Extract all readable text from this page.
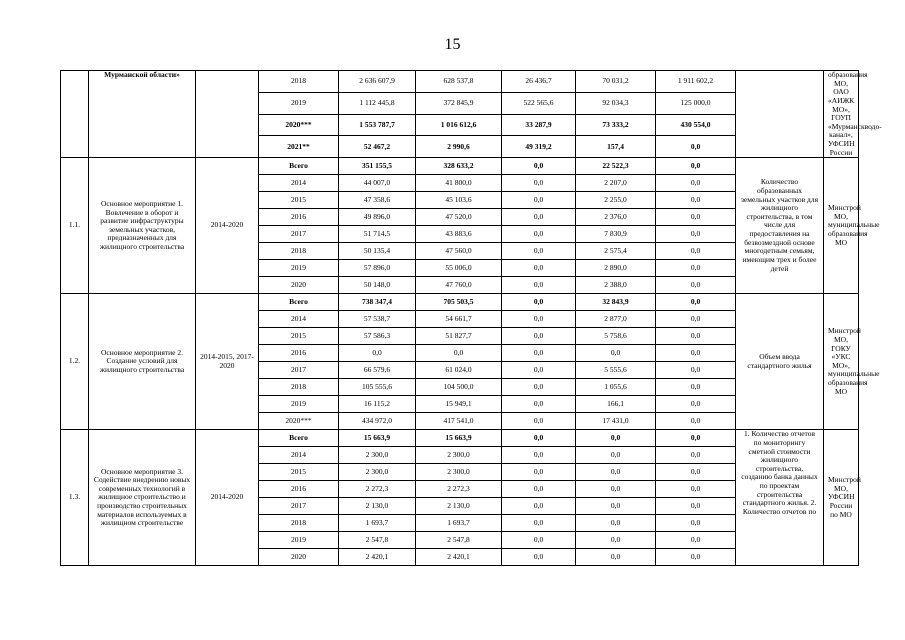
15
	Мурманской области»		2018	2 636 607,9	628 537,8	26 436,7	70 031,2	1 911 602,2		образования МО, ОАО «АИЖК МО», ГОУП «Мурманскводо-канал», УФСИН России
			2019	1 112 445,8	372 845,9	522 565,6	92 034,3	125 000,0		
			2020***	1 553 787,7	1 016 612,6	33 287,9	73 333,2	430 554,0		
			2021**	52 467,2	2 990,6	49 319,2	157,4	0,0		
1.1.	Основное мероприятие 1. Вовлечение в оборот и развитие инфраструктуры земельных участков, предназначенных для жилищного строительства	2014-2020	Всего	351 155,5	328 633,2	0,0	22 522,3	0,0	Количество образованных земельных участков для жилищного строительства, в том числе для предоставления на безвозмездной основе многодетным семьям, имеющим трех и более детей	Минстрой МО, муниципальные образования МО
			2014	44 007,0	41 800,0	0,0	2 207,0	0,0		
			2015	47 358,6	45 103,6	0,0	2 255,0	0,0		
			2016	49 896,0	47 520,0	0,0	2 376,0	0,0		
			2017	51 714,5	43 883,6	0,0	7 830,9	0,0		
			2018	50 135,4	47 560,0	0,0	2 575,4	0,0		
			2019	57 896,0	55 006,0	0,0	2 890,0	0,0		
			2020	50 148,0	47 760,0	0,0	2 388,0	0,0		
1.2.	Основное мероприятие 2. Создание условий для жилищного строительства	2014-2015, 2017-2020	Всего	738 347,4	705 503,5	0,0	32 843,9	0,0	Объем ввода стандартного жилья	Минстрой МО, ГОКУ «УКС МО», муниципальные образования МО
			2014	57 538,7	54 661,7	0,0	2 877,0	0,0		
			2015	57 586,3	51 827,7	0,0	5 758,6	0,0		
			2016	0,0	0,0	0,0	0,0	0,0		
			2017	66 579,6	61 024,0	0,0	5 555,6	0,0		
			2018	105 555,6	104 500,0	0,0	1 055,6	0,0		
			2019	16 115,2	15 949,1	0,0	166,1	0,0		
			2020***	434 972,0	417 541,0	0,0	17 431,0	0,0		
1.3.	Основное мероприятие 3. Содействие внедрению новых современных технологий в жилищное строительство и производство строительных материалов используемых в жилищном строительстве	2014-2020	Всего	15 663,9	15 663,9	0,0	0,0	0,0	1. Количество отчетов по мониторингу сметной стоимости жилищного строительства, созданию банка данных по проектам строительства стандартного жилья. 2. Количество отчетов по	Минстрой МО, УФСИН России по МО
			2014	2 300,0	2 300,0	0,0	0,0	0,0		
			2015	2 300,0	2 300,0	0,0	0,0	0,0		
			2016	2 272,3	2 272,3	0,0	0,0	0,0		
			2017	2 130,0	2 130,0	0,0	0,0	0,0		
			2018	1 693,7	1 693,7	0,0	0,0	0,0		
			2019	2 547,8	2 547,8	0,0	0,0	0,0		
			2020	2 420,1	2 420,1	0,0	0,0	0,0		
